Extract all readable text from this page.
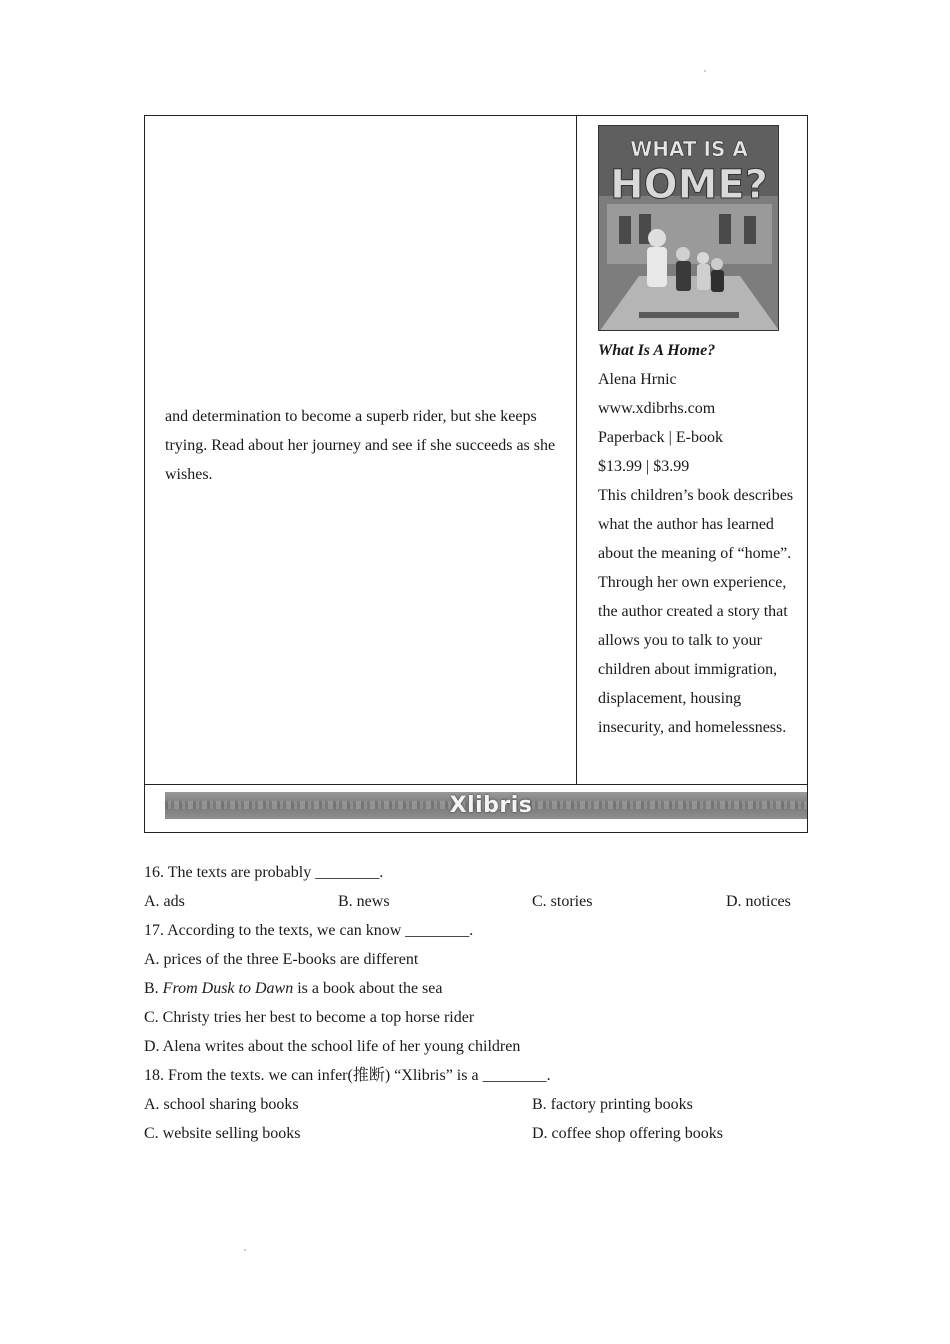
and determination to become a superb rider, but she keeps trying. Read about her journey and see if she succeeds as she wishes.

WHAT IS A
HOME?
What Is A Home?
Alena Hrnic
www.xdibrhs.com
Paperback | E-book
$13.99 | $3.99
This children’s book describes what the author has learned about the meaning of “home”. Through her own experience, the author created a story that allows you to talk to your children about immigration, displacement, housing insecurity, and homelessness.
Xlibris
16. The texts are probably ________.
A. ads	B. news	C. stories	D. notices
17. According to the texts, we can know ________.
A. prices of the three E-books are different
B. From Dusk to Dawn is a book about the sea
C. Christy tries her best to become a top horse rider
D. Alena writes about the school life of her young children
18. From the texts. we can infer(推断) “Xlibris” is a ________.
A. school sharing books	B. factory printing books
C. website selling books	D. coffee shop offering books
